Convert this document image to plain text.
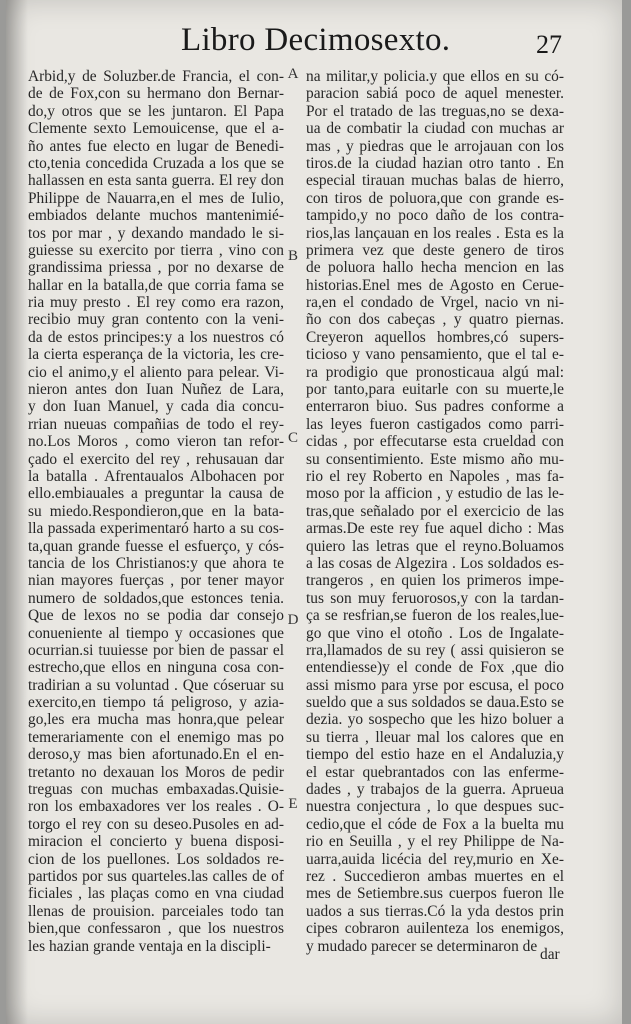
Libro Decimosexto.	27
Arbid,y de Soluzber.de Francia, el con-
de de Fox,con su hermano don Bernar-
do,y otros que se les juntaron. El Papa
Clemente sexto Lemouicense, que el a-
ño antes fue electo en lugar de Benedi-
cto,tenia concedida Cruzada a los que se
hallassen en esta santa guerra. El rey don
Philippe de Nauarra,en el mes de Iulio,
embiados delante muchos mantenimié-
tos por mar , y dexando mandado le si-
guiesse su exercito por tierra , vino con
grandissima priessa , por no dexarse de
hallar en la batalla,de que corria fama se
ria muy presto . El rey como era razon,
recibio muy gran contento con la veni-
da de estos principes:y a los nuestros có
la cierta esperança de la victoria, les cre-
cio el animo,y el aliento para pelear. Vi-
nieron antes don Iuan Nuñez de Lara,
y don Iuan Manuel, y cada dia concu-
rrian nueuas compañias de todo el rey-
no.Los Moros , como vieron tan refor-
çado el exercito del rey , rehusauan dar
la batalla . Afrentaualos Albohacen por
ello.embiauales a preguntar la causa de
su miedo.Respondieron,que en la bata-
lla passada experimentaró harto a su cos-
ta,quan grande fuesse el esfuerço, y cós-
tancia de los Christianos:y que ahora te
nian mayores fuerças , por tener mayor
numero de soldados,que estonces tenia.
Que de lexos no se podia dar consejo
conueniente al tiempo y occasiones que
ocurrian.si tuuiesse por bien de passar el
estrecho,que ellos en ninguna cosa con-
tradirian a su voluntad . Que cóseruar su
exercito,en tiempo tá peligroso, y azia-
go,les era mucha mas honra,que pelear
temerariamente con el enemigo mas po
deroso,y mas bien afortunado.En el en-
tretanto no dexauan los Moros de pedir
treguas con muchas embaxadas.Quisie-
ron los embaxadores ver los reales . O-
torgo el rey con su deseo.Pusoles en ad-
miracion el concierto y buena disposi-
cion de los puellones. Los soldados re-
partidos por sus quarteles.las calles de of
ficiales , las plaças como en vna ciudad
llenas de prouision. parceiales todo tan
bien,que confessaron , que los nuestros
les hazian grande ventaja en la discipli-
na militar,y policia.y que ellos en su có-
paracion sabiá poco de aquel menester.
Por el tratado de las treguas,no se dexa-
ua de combatir la ciudad con muchas ar
mas , y piedras que le arrojauan con los
tiros.de la ciudad hazian otro tanto . En
especial tirauan muchas balas de hierro,
con tiros de poluora,que con grande es-
tampido,y no poco daño de los contra-
rios,las lançauan en los reales . Esta es la
primera vez que deste genero de tiros
de poluora hallo hecha mencion en las
historias.Enel mes de Agosto en Cerue-
ra,en el condado de Vrgel, nacio vn ni-
ño con dos cabeças , y quatro piernas.
Creyeron aquellos hombres,có supers-
ticioso y vano pensamiento, que el tal e-
ra prodigio que pronosticaua algú mal:
por tanto,para euitarle con su muerte,le
enterraron biuo. Sus padres conforme a
las leyes fueron castigados como parri-
cidas , por effecutarse esta crueldad con
su consentimiento. Este mismo año mu-
rio el rey Roberto en Napoles , mas fa-
moso por la afficion , y estudio de las le-
tras,que señalado por el exercicio de las
armas.De este rey fue aquel dicho : Mas
quiero las letras que el reyno.Boluamos
a las cosas de Algezira . Los soldados es-
trangeros , en quien los primeros impe-
tus son muy feruorosos,y con la tardan-
ça se resfrian,se fueron de los reales,lue-
go que vino el otoño . Los de Ingalate-
rra,llamados de su rey ( assi quisieron se
entendiesse)y el conde de Fox ,que dio
assi mismo para yrse por escusa, el poco
sueldo que a sus soldados se daua.Esto se
dezia. yo sospecho que les hizo boluer a
su tierra , lleuar mal los calores que en
tiempo del estio haze en el Andaluzia,y
el estar quebrantados con las enferme-
dades , y trabajos de la guerra. Aprueua
nuestra conjectura , lo que despues suc-
cedio,que el códe de Fox a la buelta mu
rio en Seuilla , y el rey Philippe de Na-
uarra,auida licécia del rey,murio en Xe-
rez . Succedieron ambas muertes en el
mes de Setiembre.sus cuerpos fueron lle
uados a sus tierras.Có la yda destos prin
cipes cobraron auilenteza los enemigos,
y mudado parecer se determinaron de
A
B
C
D
E
dar
